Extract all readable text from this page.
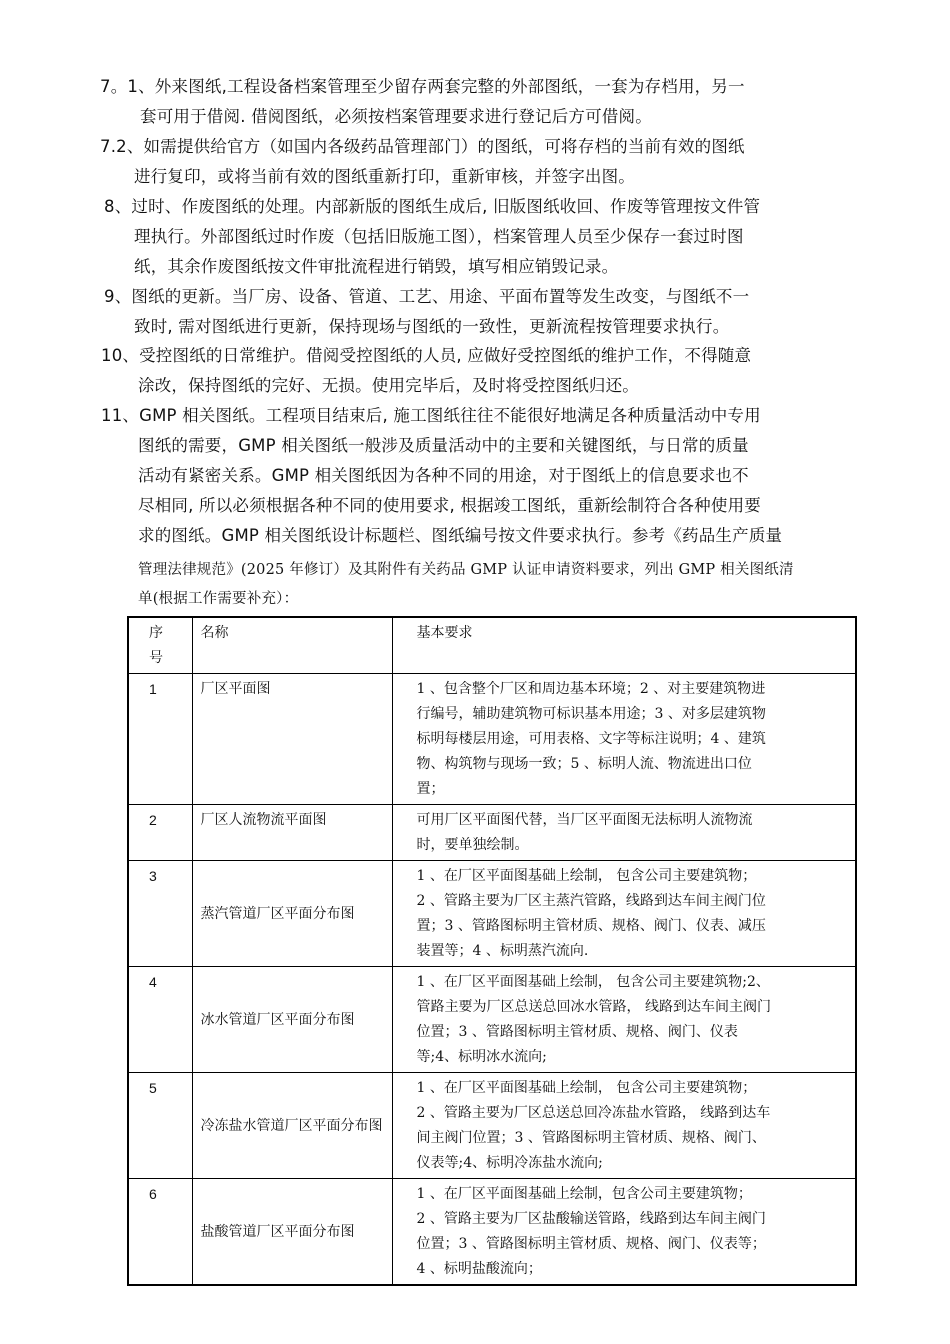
7。1、外来图纸,工程设备档案管理至少留存两套完整的外部图纸，一套为存档用，另一
套可用于借阅. 借阅图纸，必须按档案管理要求进行登记后方可借阅。
7.2、如需提供给官方（如国内各级药品管理部门）的图纸，可将存档的当前有效的图纸
进行复印，或将当前有效的图纸重新打印，重新审核，并签字出图。
8、过时、作废图纸的处理。内部新版的图纸生成后, 旧版图纸收回、作废等管理按文件管
理执行。外部图纸过时作废（包括旧版施工图），档案管理人员至少保存一套过时图
纸，其余作废图纸按文件审批流程进行销毁，填写相应销毁记录。
9、图纸的更新。当厂房、设备、管道、工艺、用途、平面布置等发生改变，与图纸不一
致时, 需对图纸进行更新，保持现场与图纸的一致性，更新流程按管理要求执行。
10、受控图纸的日常维护。借阅受控图纸的人员, 应做好受控图纸的维护工作，不得随意
涂改，保持图纸的完好、无损。使用完毕后，及时将受控图纸归还。
11、GMP 相关图纸。工程项目结束后, 施工图纸往往不能很好地满足各种质量活动中专用
图纸的需要，GMP 相关图纸一般涉及质量活动中的主要和关键图纸，与日常的质量
活动有紧密关系。GMP 相关图纸因为各种不同的用途，对于图纸上的信息要求也不
尽相同, 所以必须根据各种不同的使用要求, 根据竣工图纸，重新绘制符合各种使用要
求的图纸。GMP 相关图纸设计标题栏、图纸编号按文件要求执行。参考《药品生产质量
管理法律规范》(2025 年修订）及其附件有关药品 GMP 认证申请资料要求，列出 GMP 相关图纸清
单(根据工作需要补充）：
序号	名称	基本要求
1	厂区平面图	1 、包含整个厂区和周边基本环境；2 、对主要建筑物进
行编号，辅助建筑物可标识基本用途；3 、对多层建筑物
标明每楼层用途，可用表格、文字等标注说明；4 、建筑
物、构筑物与现场一致；5 、标明人流、物流进出口位
置；

2	厂区人流物流平面图	可用厂区平面图代替，当厂区平面图无法标明人流物流
时，要单独绘制。

3	蒸汽管道厂区平面分布图	1 、在厂区平面图基础上绘制， 包含公司主要建筑物；
2 、管路主要为厂区主蒸汽管路，线路到达车间主阀门位
置；3 、管路图标明主管材质、规格、阀门、仪表、减压
装置等；4 、标明蒸汽流向.

4	冰水管道厂区平面分布图	1 、在厂区平面图基础上绘制， 包含公司主要建筑物;2、
管路主要为厂区总送总回冰水管路， 线路到达车间主阀门
位置；3 、管路图标明主管材质、规格、阀门、仪表
等;4、标明冰水流向;

5	冷冻盐水管道厂区平面分布图	1 、在厂区平面图基础上绘制， 包含公司主要建筑物；
2 、管路主要为厂区总送总回冷冻盐水管路， 线路到达车
间主阀门位置；3 、管路图标明主管材质、规格、阀门、
仪表等;4、标明冷冻盐水流向;

6	盐酸管道厂区平面分布图	1 、在厂区平面图基础上绘制，包含公司主要建筑物；
2 、管路主要为厂区盐酸输送管路，线路到达车间主阀门
位置；3 、管路图标明主管材质、规格、阀门、仪表等；
4 、标明盐酸流向；
